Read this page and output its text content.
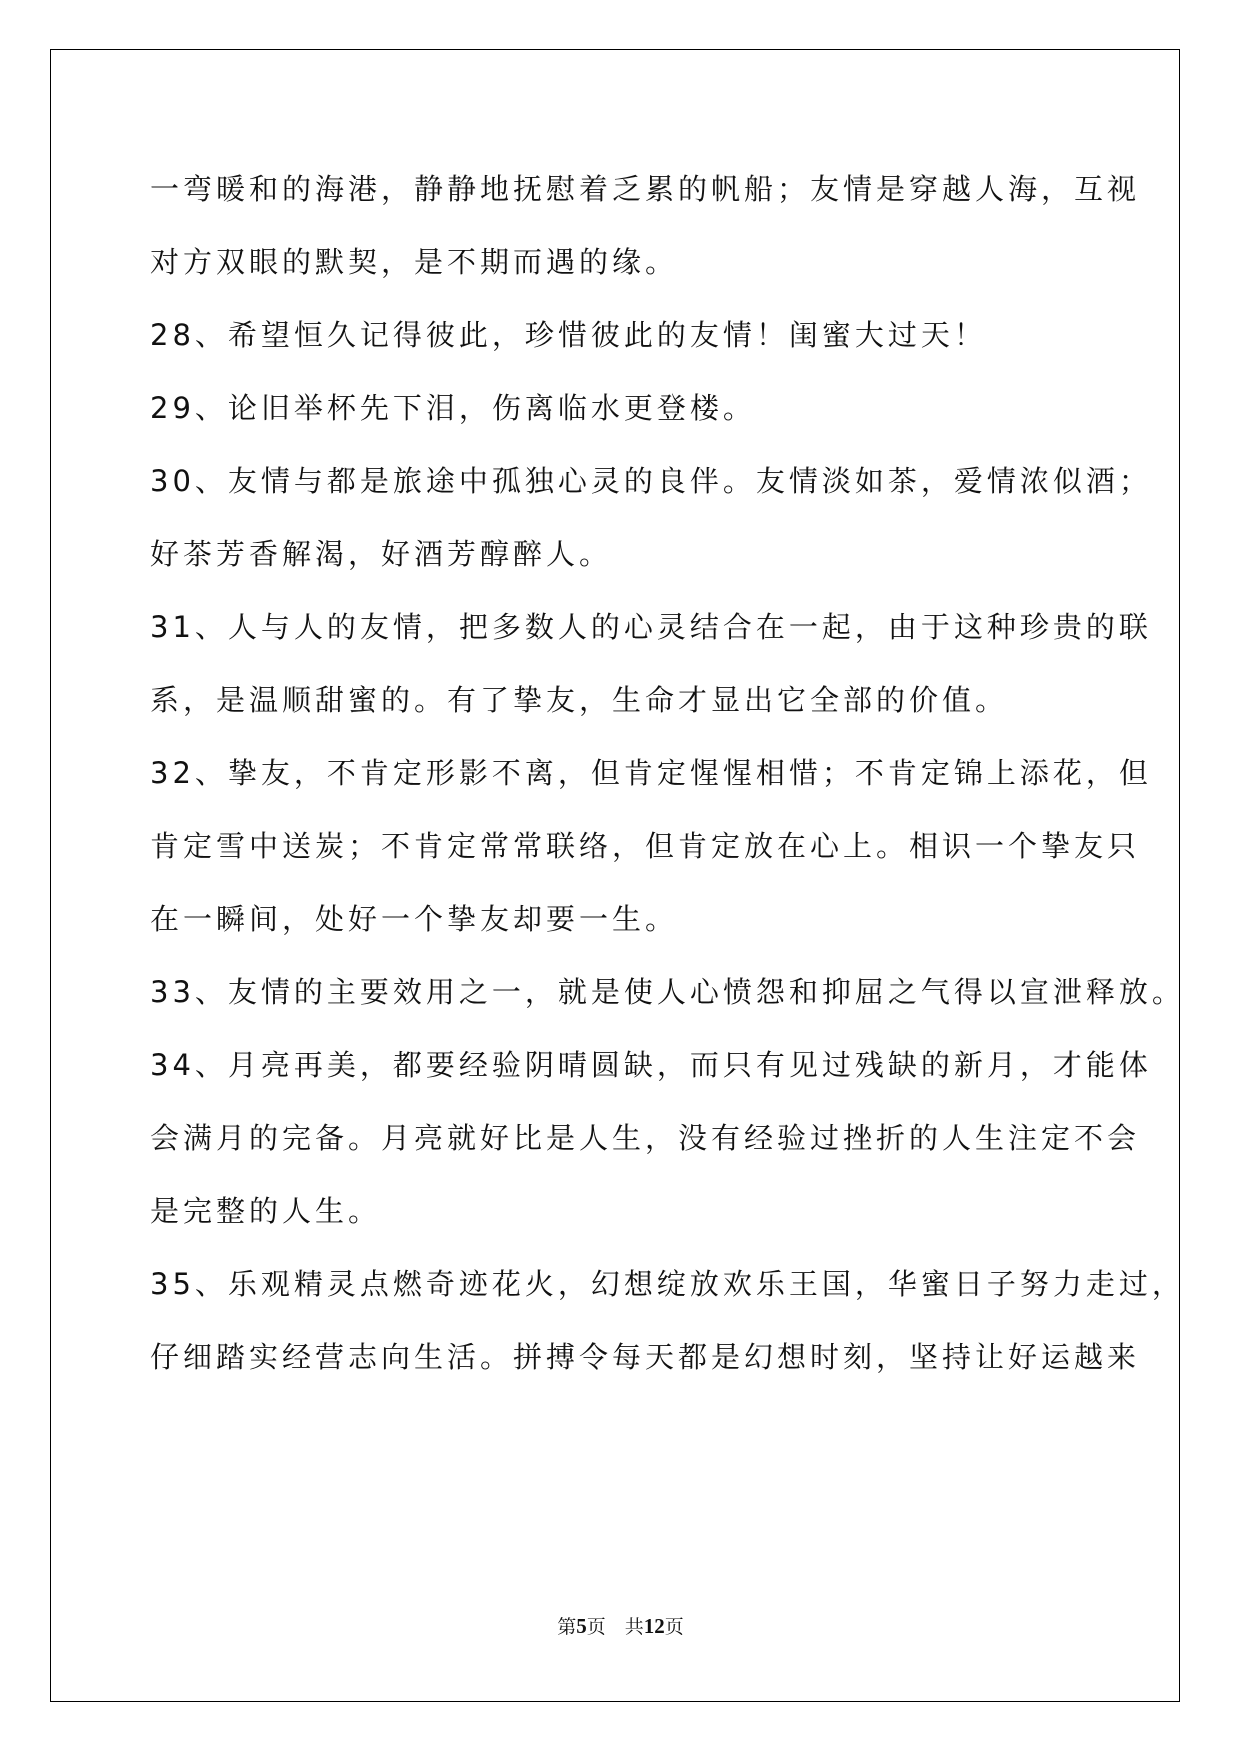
一弯暖和的海港，静静地抚慰着乏累的帆船；友情是穿越人海，互视
对方双眼的默契，是不期而遇的缘。
28、希望恒久记得彼此，珍惜彼此的友情！闺蜜大过天！
29、论旧举杯先下泪，伤离临水更登楼。
30、友情与都是旅途中孤独心灵的良伴。友情淡如茶，爱情浓似酒；
好茶芳香解渴，好酒芳醇醉人。
31、人与人的友情，把多数人的心灵结合在一起，由于这种珍贵的联
系，是温顺甜蜜的。有了挚友，生命才显出它全部的价值。
32、挚友，不肯定形影不离，但肯定惺惺相惜；不肯定锦上添花，但
肯定雪中送炭；不肯定常常联络，但肯定放在心上。相识一个挚友只
在一瞬间，处好一个挚友却要一生。
33、友情的主要效用之一，就是使人心愤怨和抑屈之气得以宣泄释放。
34、月亮再美，都要经验阴晴圆缺，而只有见过残缺的新月，才能体
会满月的完备。月亮就好比是人生，没有经验过挫折的人生注定不会
是完整的人生。
35、乐观精灵点燃奇迹花火，幻想绽放欢乐王国，华蜜日子努力走过，
仔细踏实经营志向生活。拼搏令每天都是幻想时刻，坚持让好运越来
第5页　共12页
